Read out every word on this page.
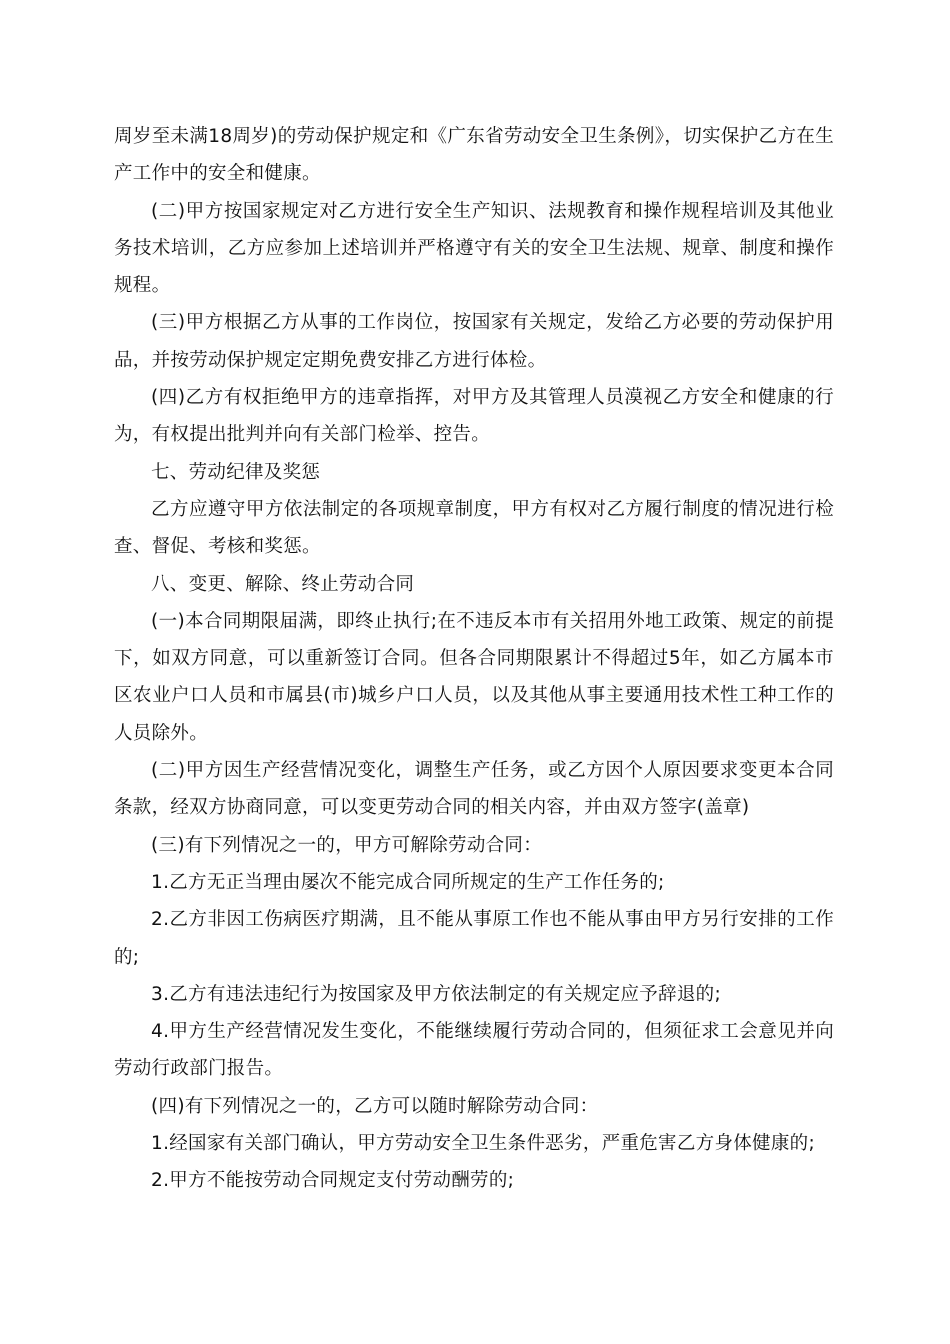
周岁至未满18周岁)的劳动保护规定和《广东省劳动安全卫生条例》，切实保护乙方在生产工作中的安全和健康。

(二)甲方按国家规定对乙方进行安全生产知识、法规教育和操作规程培训及其他业务技术培训，乙方应参加上述培训并严格遵守有关的安全卫生法规、规章、制度和操作规程。

(三)甲方根据乙方从事的工作岗位，按国家有关规定，发给乙方必要的劳动保护用品，并按劳动保护规定定期免费安排乙方进行体检。

(四)乙方有权拒绝甲方的违章指挥，对甲方及其管理人员漠视乙方安全和健康的行为，有权提出批判并向有关部门检举、控告。

七、劳动纪律及奖惩

乙方应遵守甲方依法制定的各项规章制度，甲方有权对乙方履行制度的情况进行检查、督促、考核和奖惩。

八、变更、解除、终止劳动合同

(一)本合同期限届满，即终止执行;在不违反本市有关招用外地工政策、规定的前提下，如双方同意，可以重新签订合同。但各合同期限累计不得超过5年，如乙方属本市区农业户口人员和市属县(市)城乡户口人员，以及其他从事主要通用技术性工种工作的人员除外。

(二)甲方因生产经营情况变化，调整生产任务，或乙方因个人原因要求变更本合同条款，经双方协商同意，可以变更劳动合同的相关内容，并由双方签字(盖章)

(三)有下列情况之一的，甲方可解除劳动合同：

1.乙方无正当理由屡次不能完成合同所规定的生产工作任务的;

2.乙方非因工伤病医疗期满，且不能从事原工作也不能从事由甲方另行安排的工作的;

3.乙方有违法违纪行为按国家及甲方依法制定的有关规定应予辞退的;

4.甲方生产经营情况发生变化，不能继续履行劳动合同的，但须征求工会意见并向劳动行政部门报告。

(四)有下列情况之一的，乙方可以随时解除劳动合同：

1.经国家有关部门确认，甲方劳动安全卫生条件恶劣，严重危害乙方身体健康的;

2.甲方不能按劳动合同规定支付劳动酬劳的;
